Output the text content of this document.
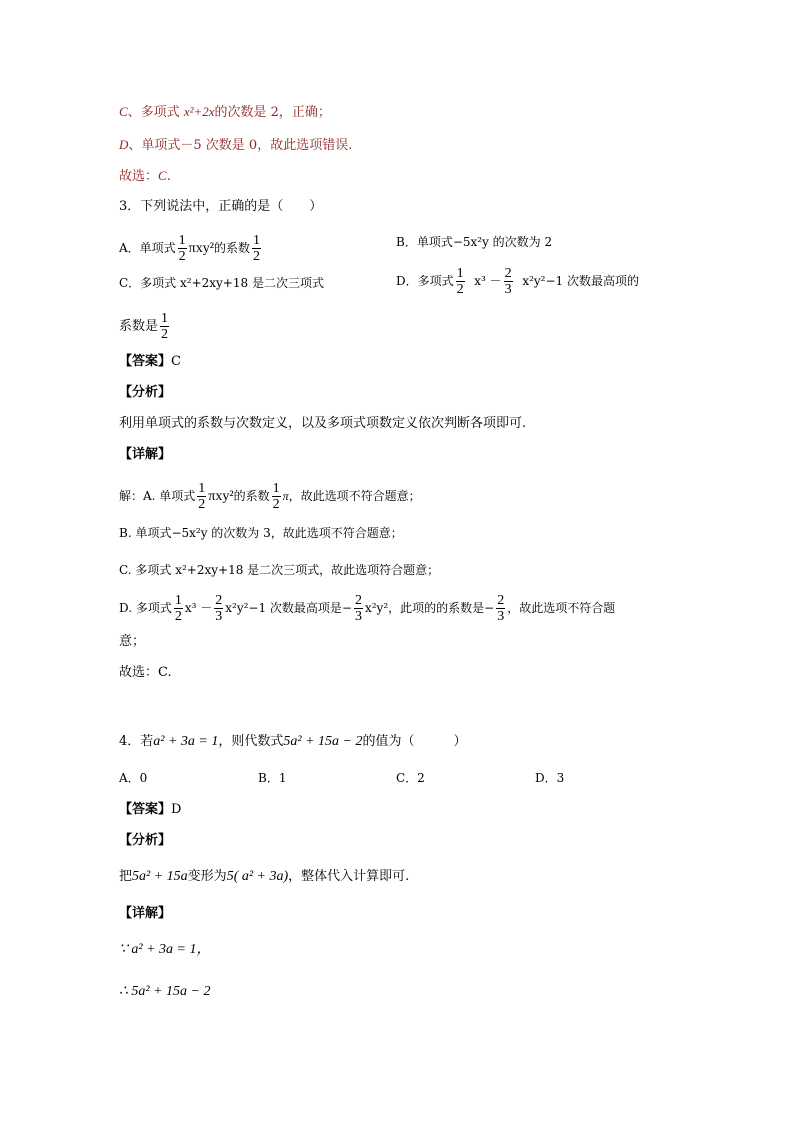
C、多项式 x²+2x的次数是 2，正确；
D、单项式－5 次数是 0，故此选项错误.
故选：C.
3．下列说法中，正确的是（　　）
A．单项式 $\frac{1}{2} \pi xy^2$的系数 $\frac{1}{2}$	B．单项式−5x²y 的次数为 2
C．多项式 x²+2xy+18 是二次三项式	D．多项式 $\frac{1}{2} x^3 - \frac{2}{3} x^2y^2-1$ 次数最高项的
系数是 $\frac{1}{2}$
【答案】C
【分析】
利用单项式的系数与次数定义，以及多项式项数定义依次判断各项即可.
【详解】
解：A. 单项式 $\frac{1}{2} \pi xy^2$的系数 $\frac{1}{2}$ π，故此选项不符合题意；
B. 单项式−5x²y 的次数为 3，故此选项不符合题意；
C. 多项式 x²+2xy+18 是二次三项式，故此选项符合题意；
D. 多项式 $\frac{1}{2} x^3 - \frac{2}{3} x^2y^2-1$ 次数最高项是− $\frac{2}{3} x^2y^2$，此项的的系数是− $\frac{2}{3}$ ，故此选项不符合题
意；
故选：C.
4．若a² + 3a = 1，则代数式5a² + 15a − 2的值为（　　　）
A．0	B．1	C．2	D．3
【答案】D
【分析】
把5a² + 15a变形为5( a² + 3a)，整体代入计算即可.
【详解】
∵ a² + 3a = 1，
∴ 5a² + 15a − 2
